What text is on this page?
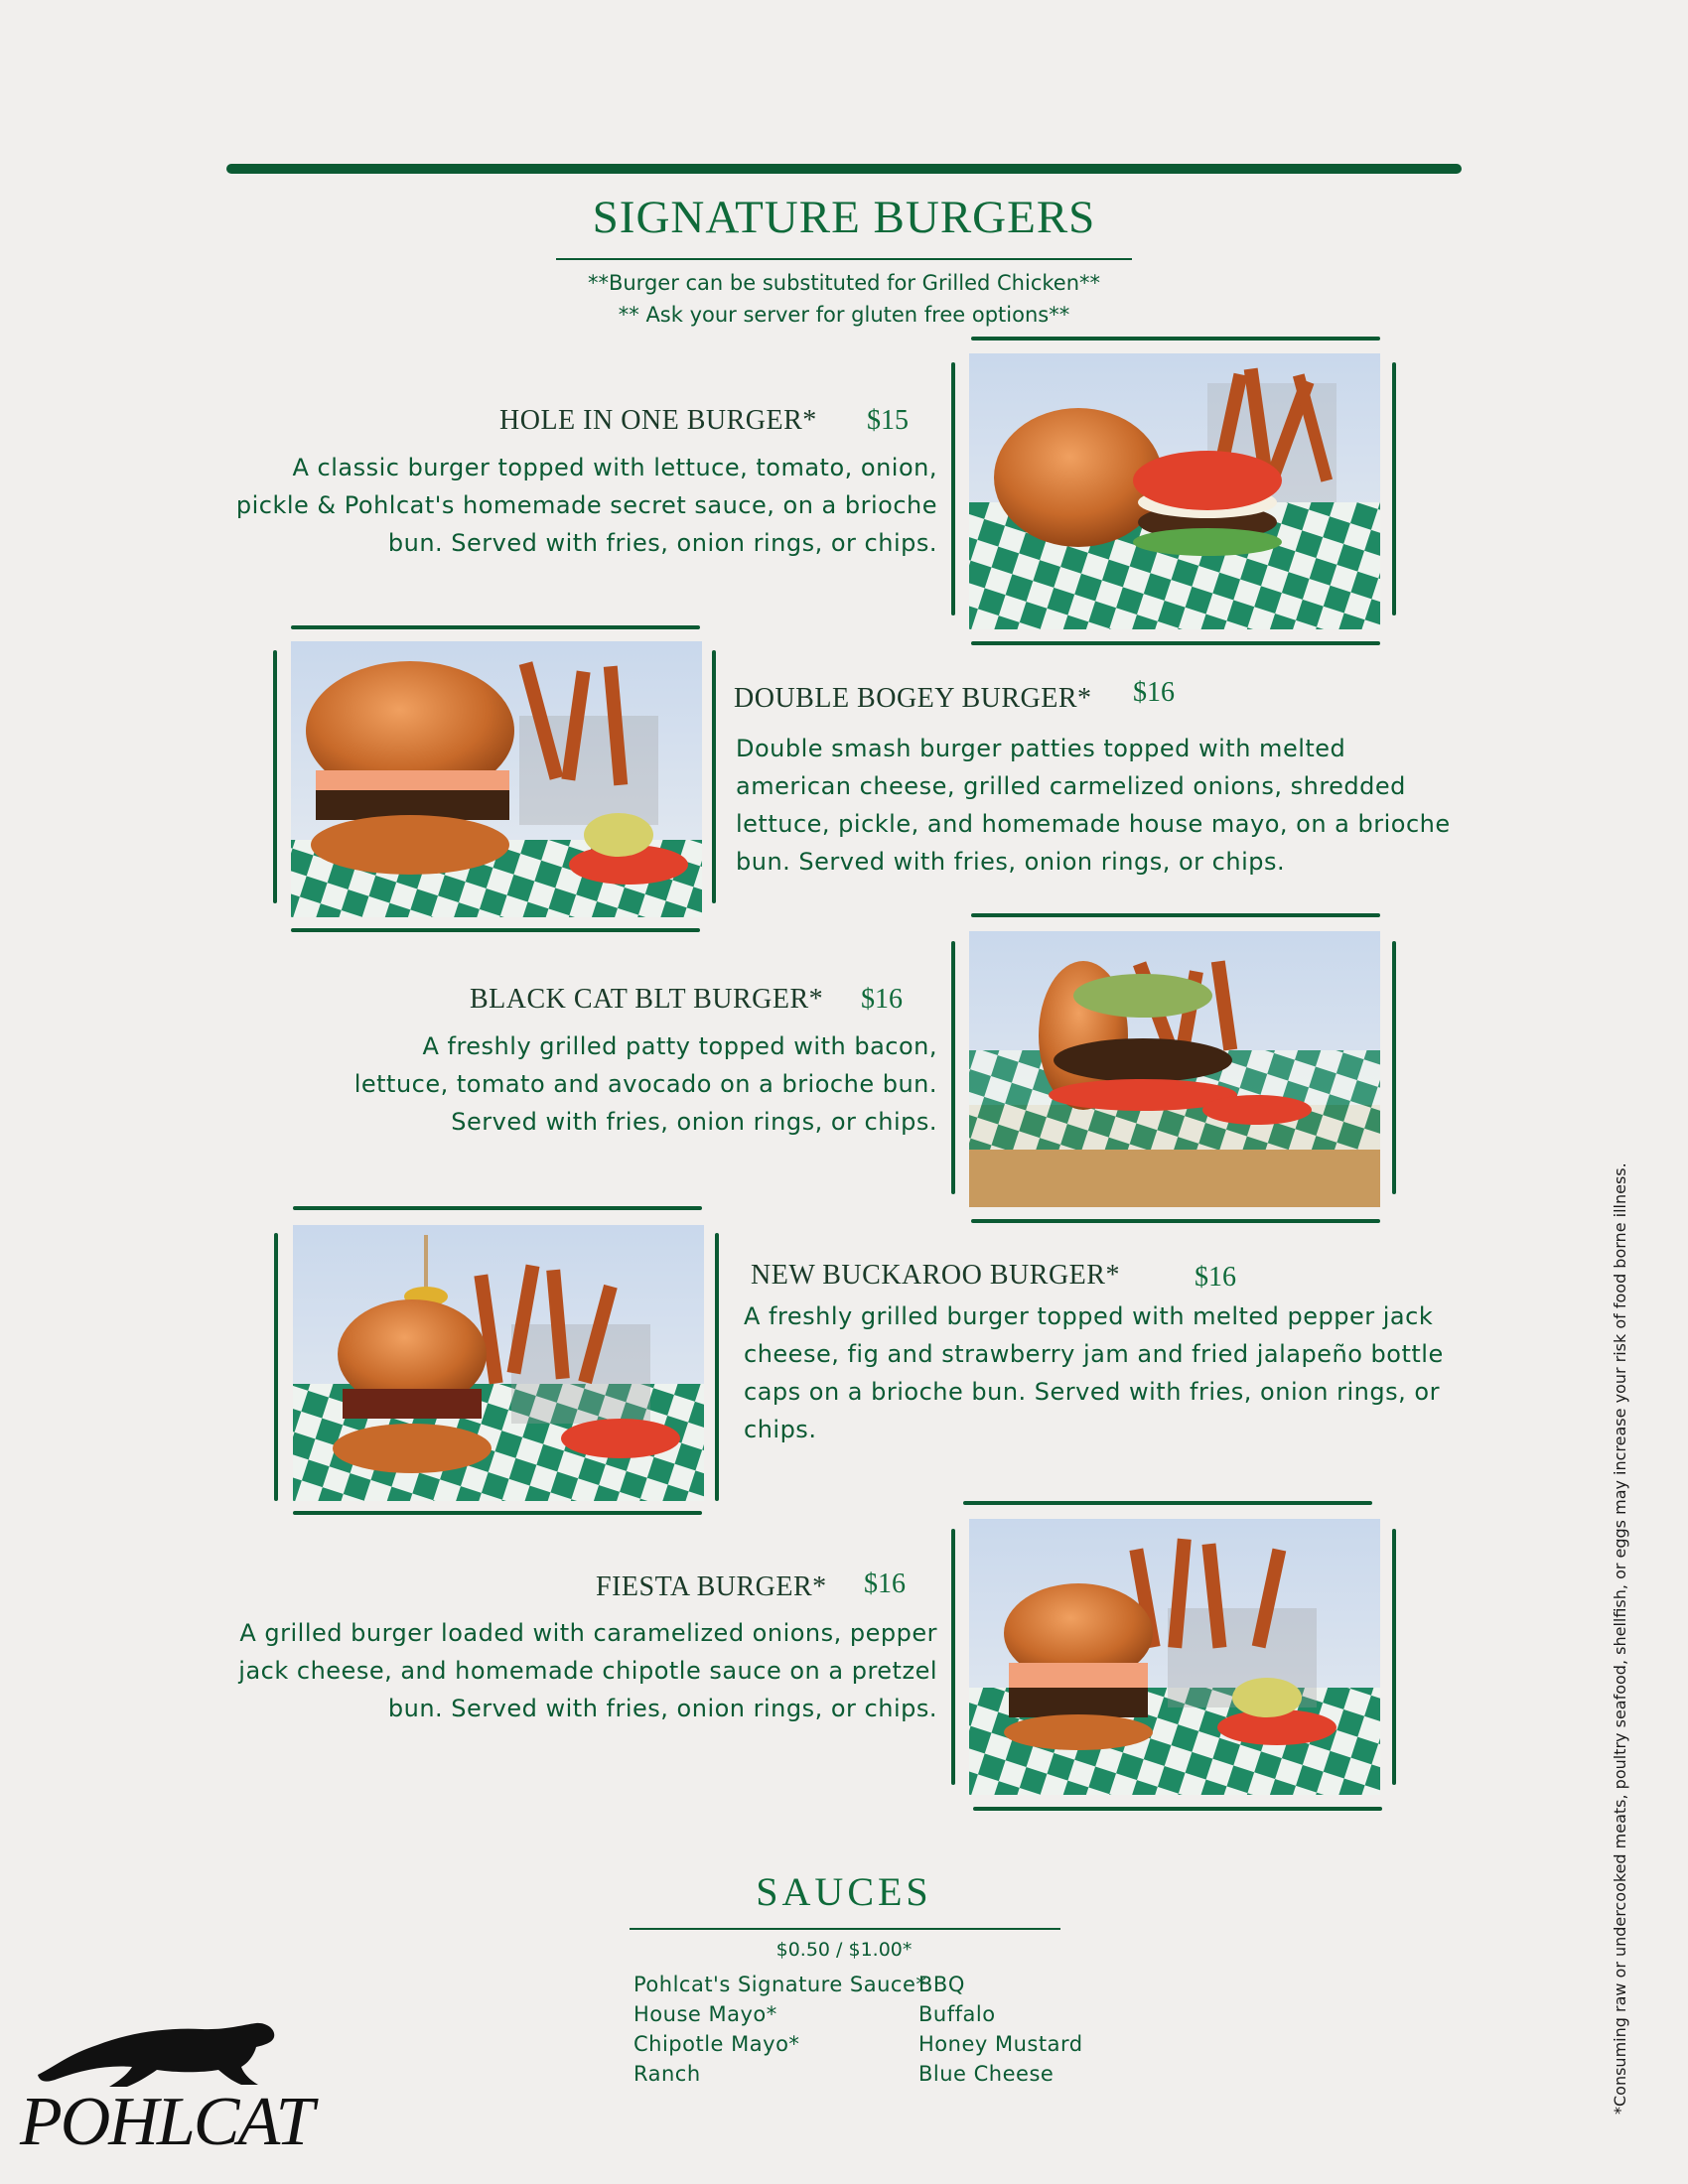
SIGNATURE BURGERS
**Burger can be substituted for Grilled Chicken**
** Ask your server for gluten free options**
HOLE IN ONE BURGER* $15
A classic burger topped with lettuce, tomato, onion, pickle & Pohlcat's homemade secret sauce, on a brioche bun. Served with fries, onion rings, or chips.
DOUBLE BOGEY BURGER* $16
Double smash burger patties topped with melted american cheese, grilled carmelized onions, shredded lettuce, pickle, and homemade house mayo, on a brioche bun. Served with fries, onion rings, or chips.
BLACK CAT BLT BURGER* $16
A freshly grilled patty topped with bacon, lettuce, tomato and avocado on a brioche bun. Served with fries, onion rings, or chips.
NEW BUCKAROO BURGER*	$16
A freshly grilled burger topped with melted pepper jack cheese, fig and strawberry jam and fried jalapeño bottle caps on a brioche bun. Served with fries, onion rings, or chips.
FIESTA BURGER* $16
A grilled burger loaded with caramelized onions, pepper jack cheese, and homemade chipotle sauce on a pretzel bun. Served with fries, onion rings, or chips.
SAUCES
$0.50 / $1.00*
Pohlcat's Signature Sauce*
House Mayo*
Chipotle Mayo*
Ranch
BBQ
Buffalo
Honey Mustard
Blue Cheese	*Consuming raw or undercooked meats, poultry seafood, shellfish, or eggs may increase your risk of food borne illness.
POHLCAT
